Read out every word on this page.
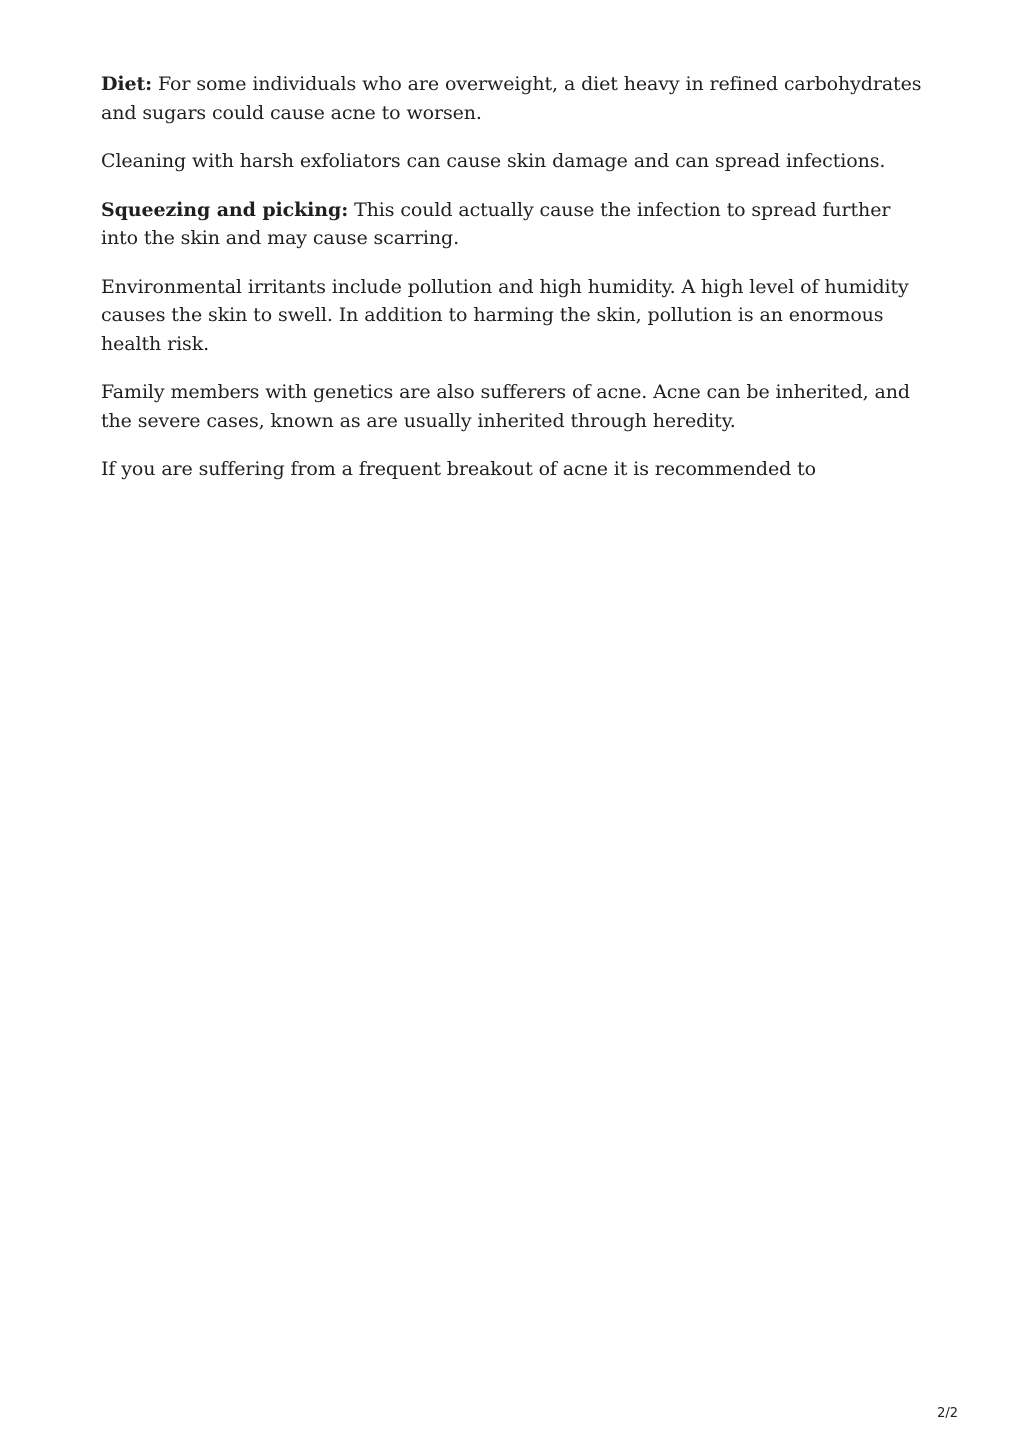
Diet: For some individuals who are overweight, a diet heavy in refined carbohydrates and sugars could cause acne to worsen.

Cleaning with harsh exfoliators can cause skin damage and can spread infections.

Squeezing and picking: This could actually cause the infection to spread further into the skin and may cause scarring.

Environmental irritants include pollution and high humidity. A high level of humidity causes the skin to swell. In addition to harming the skin, pollution is an enormous health risk.

Family members with genetics are also sufferers of acne. Acne can be inherited, and the severe cases, known as are usually inherited through heredity.

If you are suffering from a frequent breakout of acne it is recommended to

2/2
